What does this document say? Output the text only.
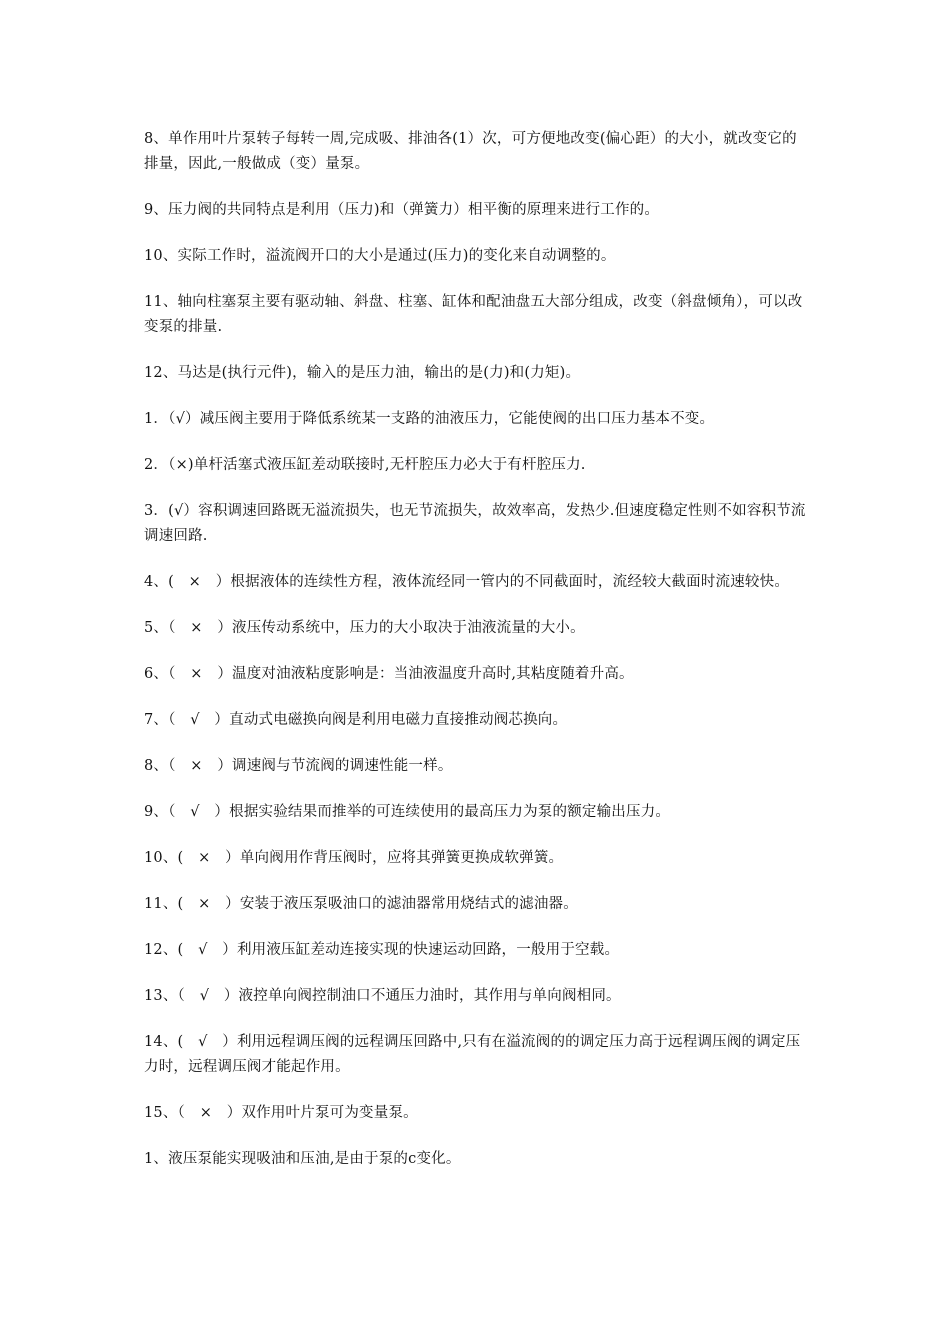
8、单作用叶片泵转子每转一周,完成吸、排油各(1）次，可方便地改变(偏心距）的大小，就改变它的排量，因此,一般做成（变）量泵。

9、压力阀的共同特点是利用（压力)和（弹簧力）相平衡的原理来进行工作的。

10、实际工作时，溢流阀开口的大小是通过(压力)的变化来自动调整的。

11、轴向柱塞泵主要有驱动轴、斜盘、柱塞、缸体和配油盘五大部分组成，改变（斜盘倾角），可以改变泵的排量.

12、马达是(执行元件)，输入的是压力油，输出的是(力)和(力矩)。

1．（√）减压阀主要用于降低系统某一支路的油液压力，它能使阀的出口压力基本不变。

2．（×)单杆活塞式液压缸差动联接时,无杆腔压力必大于有杆腔压力.

3．(√）容积调速回路既无溢流损失，也无节流损失，故效率高，发热少.但速度稳定性则不如容积节流调速回路.

4、(　×　）根据液体的连续性方程，液体流经同一管内的不同截面时，流经较大截面时流速较快。

5、（　×　）液压传动系统中，压力的大小取决于油液流量的大小。

6、（　×　）温度对油液粘度影响是：当油液温度升高时,其粘度随着升高。

7、（　√　）直动式电磁换向阀是利用电磁力直接推动阀芯换向。

8、（　×　）调速阀与节流阀的调速性能一样。

9、（　√　）根据实验结果而推举的可连续使用的最高压力为泵的额定输出压力。

10、(　×　）单向阀用作背压阀时，应将其弹簧更换成软弹簧。

11、(　×　）安装于液压泵吸油口的滤油器常用烧结式的滤油器。

12、(　√　）利用液压缸差动连接实现的快速运动回路，一般用于空载。

13、（　√　）液控单向阀控制油口不通压力油时，其作用与单向阀相同。

14、(　√　）利用远程调压阀的远程调压回路中,只有在溢流阀的的调定压力高于远程调压阀的调定压力时，远程调压阀才能起作用。

15、（　×　）双作用叶片泵可为变量泵。

1、液压泵能实现吸油和压油,是由于泵的c变化。
